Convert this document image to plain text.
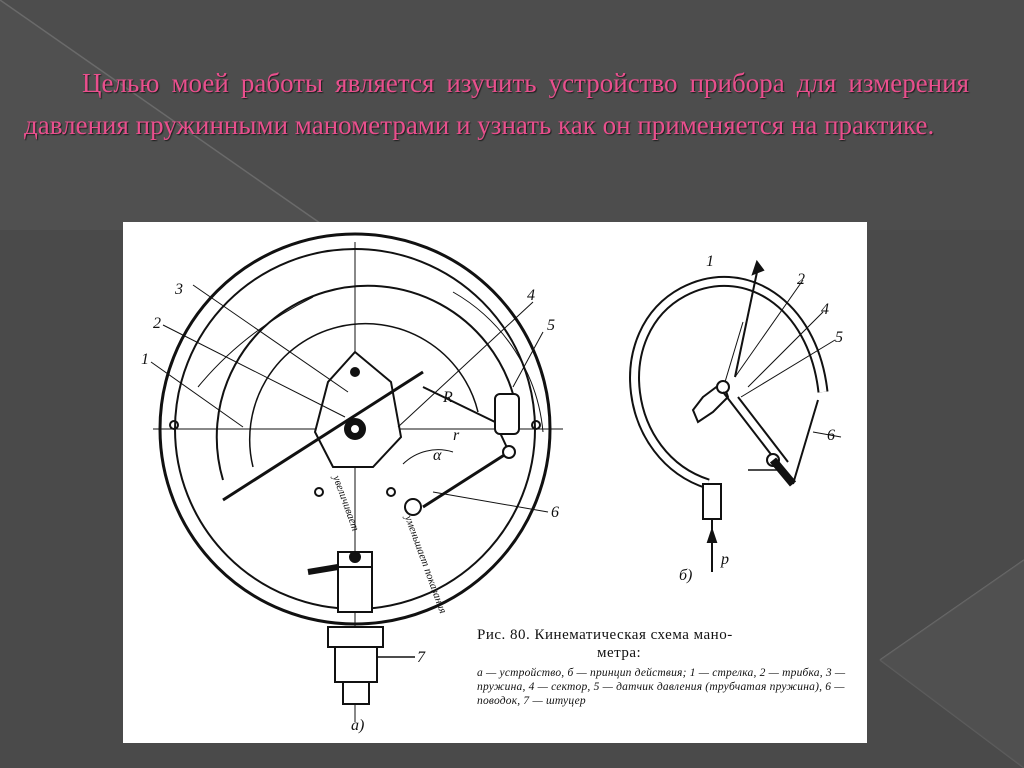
Целью моей работы является изучить устройство прибора для измерения давления пружинными манометрами и узнать как он применяется на практике.

1
2
3	4
5
6
7
R
r
α
увеличивает
уменьшает показания
а)
1
2
4
5
6
p
б)

Рис. 80. Кинематическая схема мано-

метра:

а — устройство, б — принцип действия; 1 — стрелка, 2 — трибка, 3 — пружина, 4 — сектор, 5 — датчик давления (трубчатая пружина), 6 — поводок, 7 — штуцер
